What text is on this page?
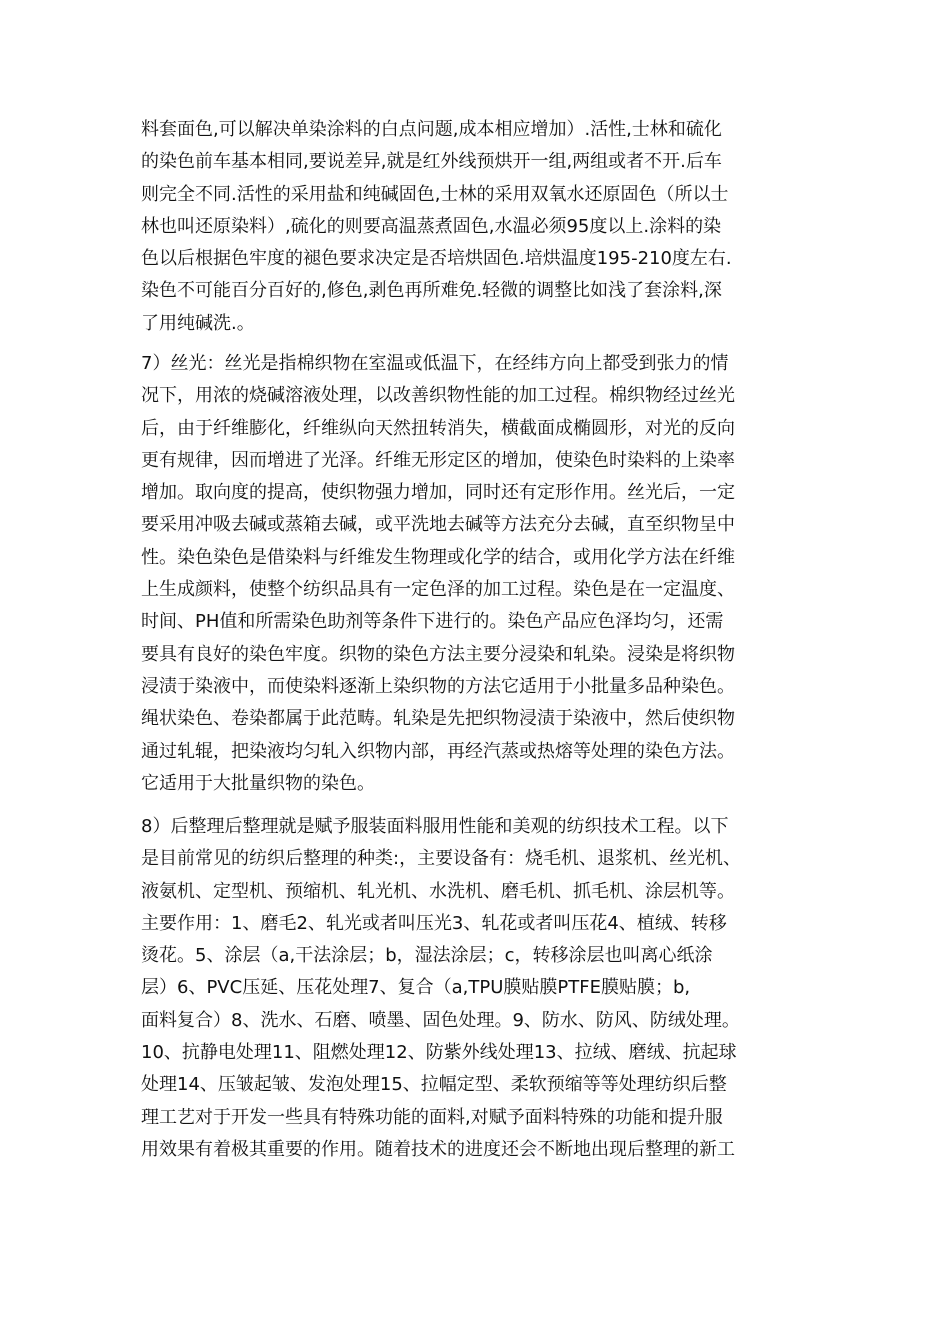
料套面色,可以解决单染涂料的白点问题,成本相应增加）.活性,士林和硫化
的染色前车基本相同,要说差异,就是红外线预烘开一组,两组或者不开.后车
则完全不同.活性的采用盐和纯碱固色,士林的采用双氧水还原固色（所以士
林也叫还原染料）,硫化的则要高温蒸煮固色,水温必须95度以上.涂料的染
色以后根据色牢度的褪色要求决定是否培烘固色.培烘温度195-210度左右.
染色不可能百分百好的,修色,剥色再所难免.轻微的调整比如浅了套涂料,深
了用纯碱洗.。

7）丝光：丝光是指棉织物在室温或低温下，在经纬方向上都受到张力的情
况下，用浓的烧碱溶液处理，以改善织物性能的加工过程。棉织物经过丝光
后，由于纤维膨化，纤维纵向天然扭转消失，横截面成椭圆形，对光的反向
更有规律，因而增进了光泽。纤维无形定区的增加，使染色时染料的上染率
增加。取向度的提高，使织物强力增加，同时还有定形作用。丝光后，一定
要采用冲吸去碱或蒸箱去碱，或平洗地去碱等方法充分去碱，直至织物呈中
性。染色染色是借染料与纤维发生物理或化学的结合，或用化学方法在纤维
上生成颜料，使整个纺织品具有一定色泽的加工过程。染色是在一定温度、
时间、PH值和所需染色助剂等条件下进行的。染色产品应色泽均匀，还需
要具有良好的染色牢度。织物的染色方法主要分浸染和轧染。浸染是将织物
浸渍于染液中，而使染料逐渐上染织物的方法它适用于小批量多品种染色。
绳状染色、卷染都属于此范畴。轧染是先把织物浸渍于染液中，然后使织物
通过轧辊，把染液均匀轧入织物内部，再经汽蒸或热熔等处理的染色方法。
它适用于大批量织物的染色。

8）后整理后整理就是赋予服装面料服用性能和美观的纺织技术工程。以下
是目前常见的纺织后整理的种类:，主要设备有：烧毛机、退浆机、丝光机、
液氨机、定型机、预缩机、轧光机、水洗机、磨毛机、抓毛机、涂层机等。
主要作用：1、磨毛2、轧光或者叫压光3、轧花或者叫压花4、植绒、转移
烫花。5、涂层（a,干法涂层；b，湿法涂层；c，转移涂层也叫离心纸涂
层）6、PVC压延、压花处理7、复合（a,TPU膜贴膜PTFE膜贴膜；b,
面料复合）8、洗水、石磨、喷墨、固色处理。9、防水、防风、防绒处理。
10、抗静电处理11、阻燃处理12、防紫外线处理13、拉绒、磨绒、抗起球
处理14、压皱起皱、发泡处理15、拉幅定型、柔软预缩等等处理纺织后整
理工艺对于开发一些具有特殊功能的面料,对赋予面料特殊的功能和提升服
用效果有着极其重要的作用。随着技术的进度还会不断地出现后整理的新工
